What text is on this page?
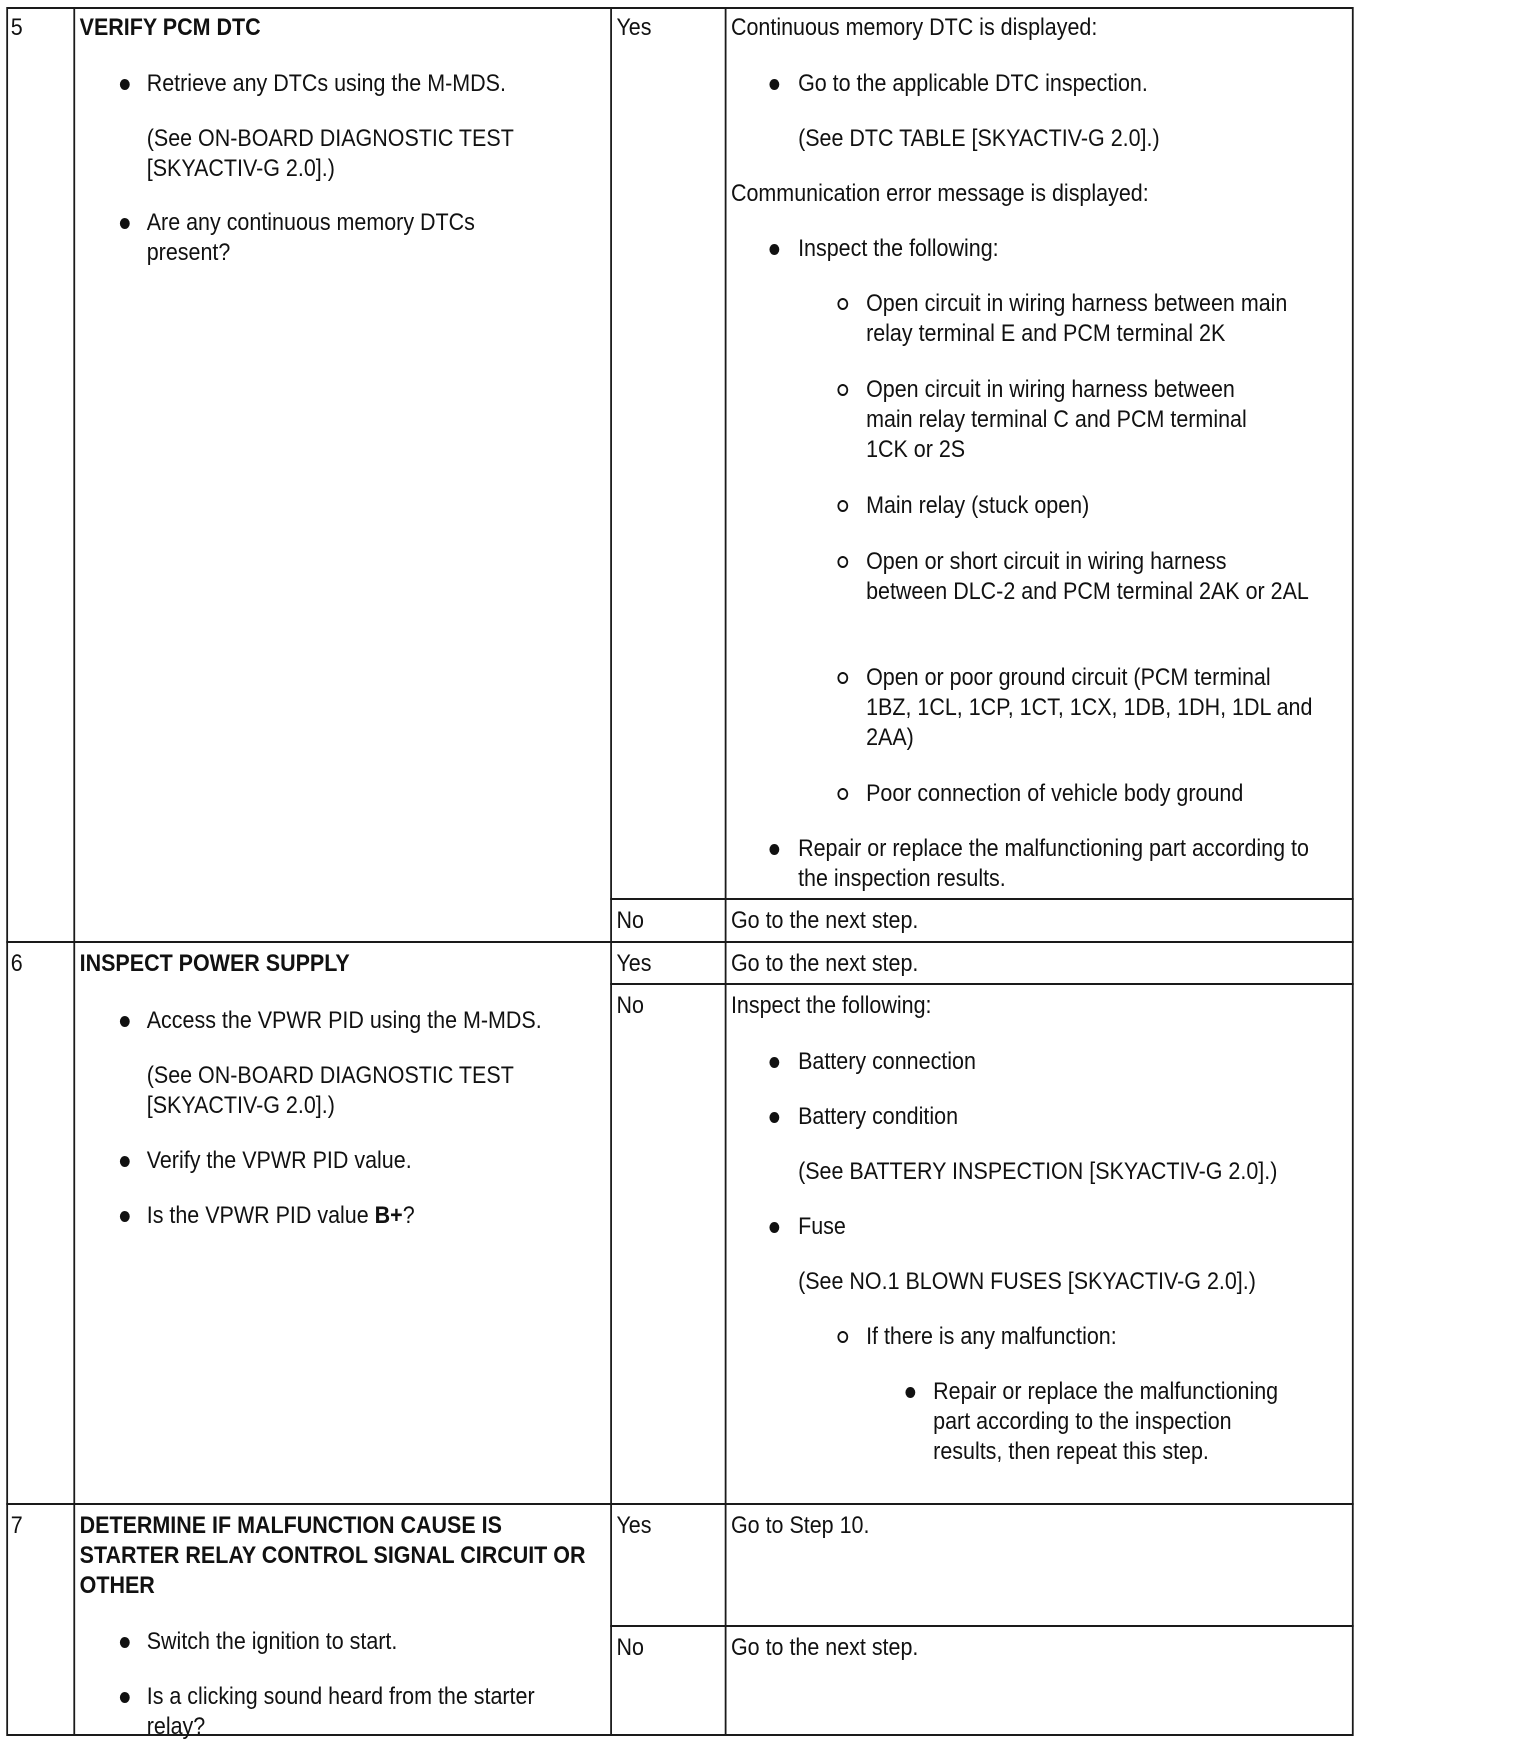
5 VERIFY PCM DTC
Retrieve any DTCs using the M-MDS.
(See ON-BOARD DIAGNOSTIC TEST [SKYACTIV-G 2.0].)
Are any continuous memory DTCs present?
Yes	Continuous memory DTC is displayed:
Go to the applicable DTC inspection.
(See DTC TABLE [SKYACTIV-G 2.0].)
Communication error message is displayed:
Inspect the following:
Open circuit in wiring harness between main relay terminal E and PCM terminal 2K
Open circuit in wiring harness between main relay terminal C and PCM terminal 1CK or 2S
Main relay (stuck open)
Open or short circuit in wiring harness between DLC-2 and PCM terminal 2AK or 2AL
Open or poor ground circuit (PCM terminal 1BZ, 1CL, 1CP, 1CT, 1CX, 1DB, 1DH, 1DL and 2AA)
Poor connection of vehicle body ground
Repair or replace the malfunctioning part according to the inspection results.
No	Go to the next step.
6 INSPECT POWER SUPPLY
Access the VPWR PID using the M-MDS.
(See ON-BOARD DIAGNOSTIC TEST [SKYACTIV-G 2.0].)
Verify the VPWR PID value.
Is the VPWR PID value B+?
Yes	Go to the next step.
No	Inspect the following:
Battery connection
Battery condition
(See BATTERY INSPECTION [SKYACTIV-G 2.0].)
Fuse
(See NO.1 BLOWN FUSES [SKYACTIV-G 2.0].)
If there is any malfunction:
Repair or replace the malfunctioning part according to the inspection results, then repeat this step.
7 DETERMINE IF MALFUNCTION CAUSE IS STARTER RELAY CONTROL SIGNAL CIRCUIT OR OTHER
Switch the ignition to start.
Is a clicking sound heard from the starter relay?
Yes	Go to Step 10.
No	Go to the next step.
